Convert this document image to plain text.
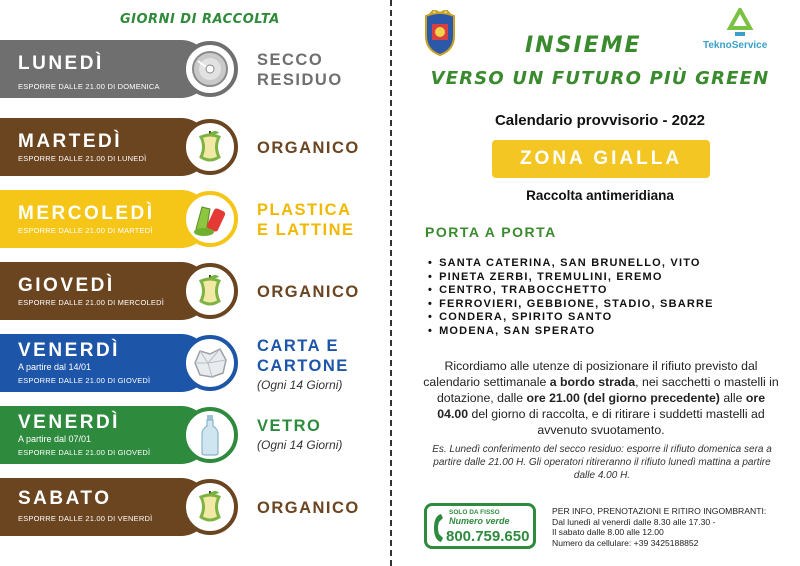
GIORNI DI RACCOLTA
LUNEDÌ
ESPORRE DALLE 21.00 DI DOMENICA
SECCO
RESIDUO
MARTEDÌ
ESPORRE DALLE 21.00 DI LUNEDÌ
ORGANICO
MERCOLEDÌ
ESPORRE DALLE 21.00 DI MARTEDÌ
PLASTICA
E LATTINE
GIOVEDÌ
ESPORRE DALLE 21.00 DI MERCOLEDÌ
ORGANICO
VENERDÌ
A partire dal 14/01
ESPORRE DALLE 21.00 DI GIOVEDÌ
CARTA E
CARTONE
(Ogni 14 Giorni)
VENERDÌ
A partire dal 07/01
ESPORRE DALLE 21.00 DI GIOVEDÌ
VETRO
(Ogni 14 Giorni)
SABATO
ESPORRE DALLE 21.00 DI VENERDÌ
ORGANICO
TeknoService
INSIEME
VERSO UN FUTURO PIÙ GREEN
Calendario provvisorio - 2022
ZONA GIALLA
Raccolta antimeridiana
PORTA A PORTA
• SANTA CATERINA, SAN BRUNELLO, VITO
• PINETA ZERBI, TREMULINI, EREMO
• CENTRO, TRABOCCHETTO
• FERROVIERI, GEBBIONE, STADIO, SBARRE
• CONDERA, SPIRITO SANTO
• MODENA, SAN SPERATO
Ricordiamo alle utenze di posizionare il rifiuto previsto dal calendario settimanale a bordo strada, nei sacchetti o mastelli in dotazione, dalle ore 21.00 (del giorno precedente) alle ore 04.00 del giorno di raccolta, e di ritirare i suddetti mastelli ad avvenuto svuotamento.
Es. Lunedì conferimento del secco residuo: esporre il rifiuto domenica sera a partire dalle 21.00 H. Gli operatori ritireranno il rifiuto lunedì mattina a partire dalle 4.00 H.
SOLO DA FISSO
Numero verde
800.759.650
PER INFO, PRENOTAZIONI E RITIRO INGOMBRANTI:
Dal lunedì al venerdì dalle 8.30 alle 17.30 -
Il sabato dalle 8.00 alle 12.00
Numero da cellulare: +39 3425188852
